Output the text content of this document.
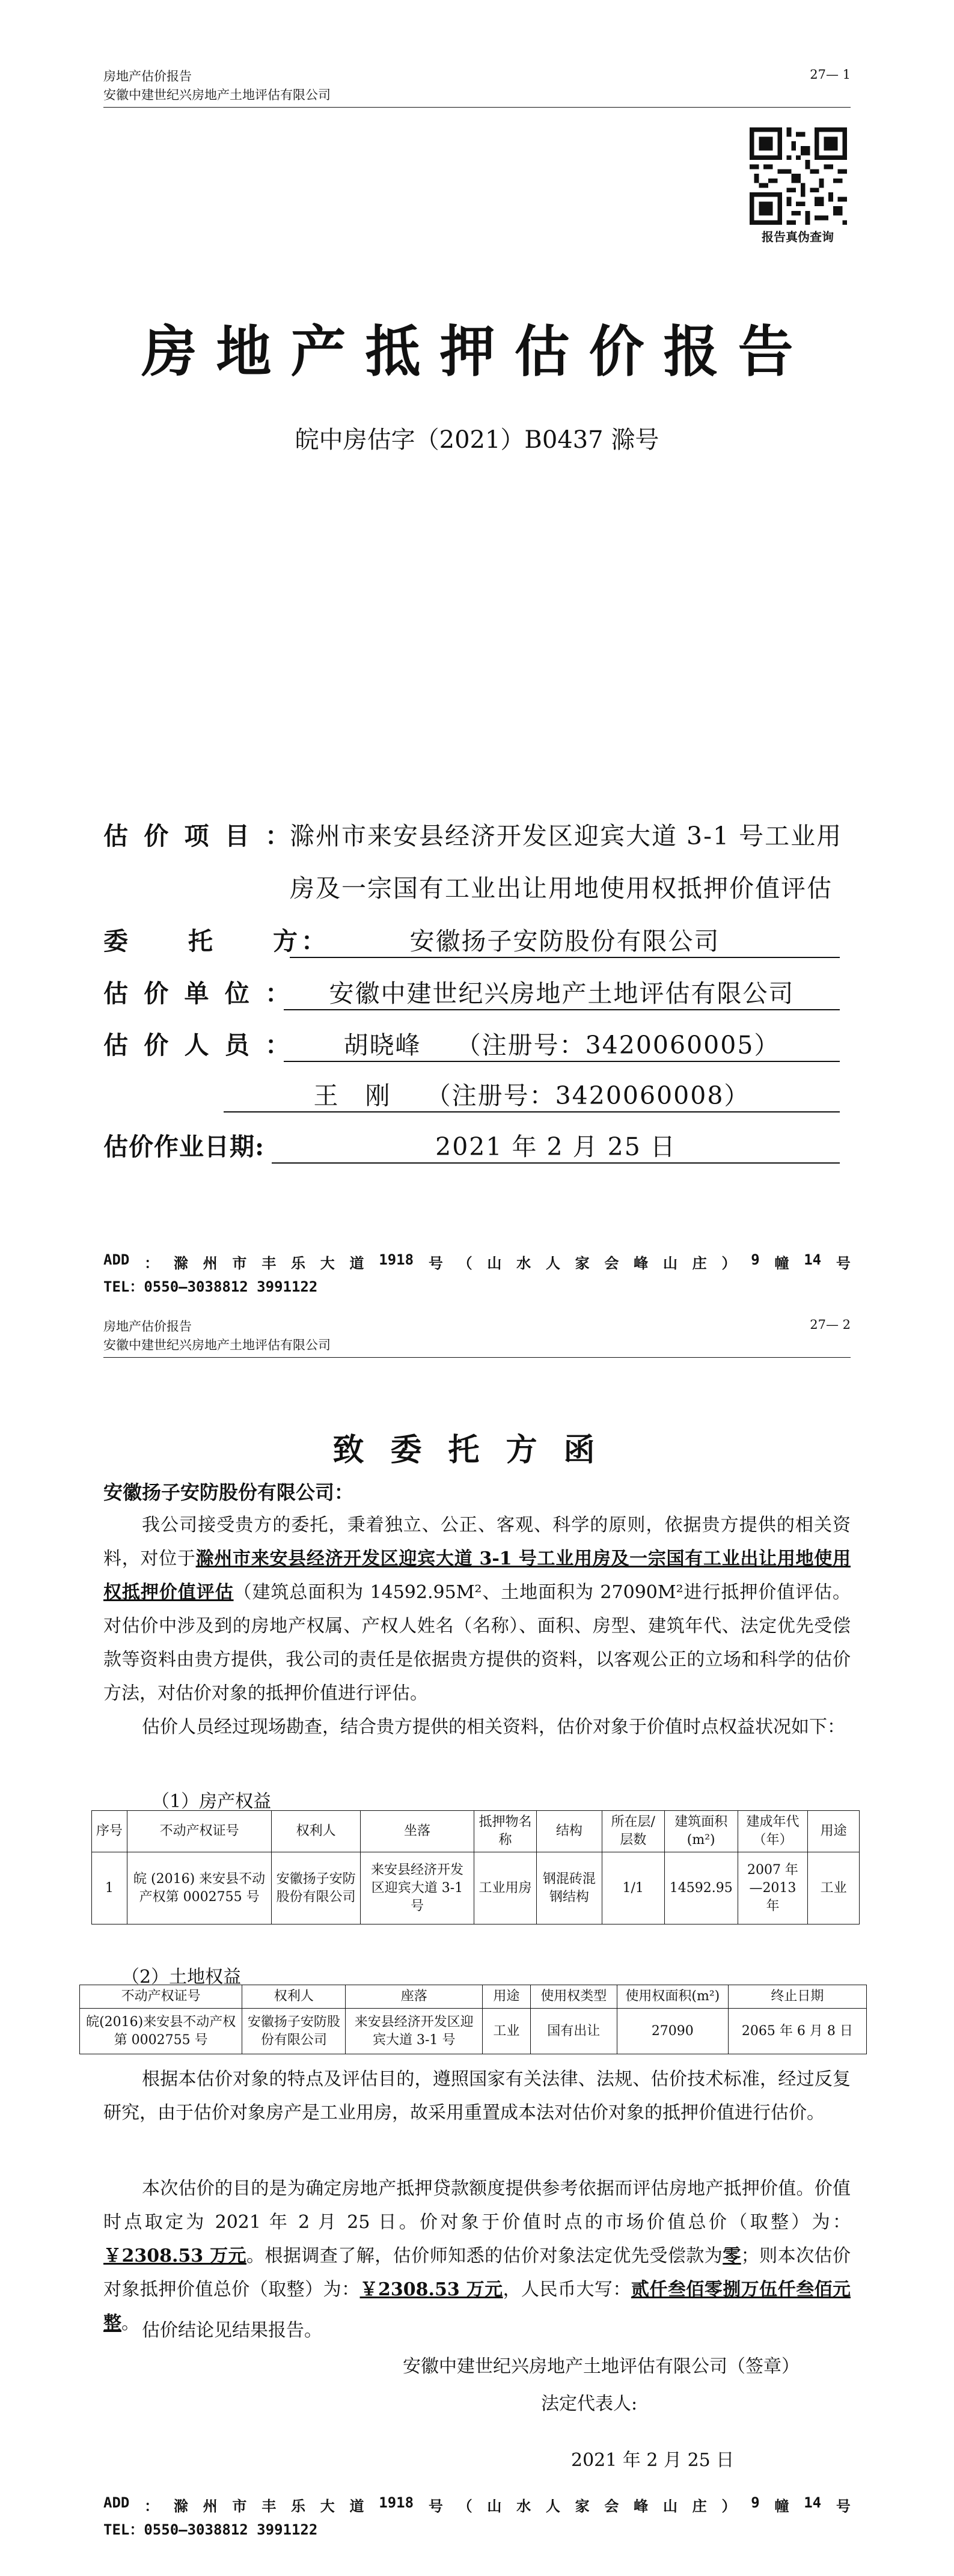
房地产估价报告	27— 1
安徽中建世纪兴房地产土地评估有限公司
报告真伪查询
房地产抵押估价报告
皖中房估字（2021）B0437 滁号
估 价 项 目 ：
滁州市来安县经济开发区迎宾大道 3-1 号工业用
房及一宗国有工业出让用地使用权抵押价值评估
委　　托　　方：	安徽扬子安防股份有限公司
估 价 单 位 ：	安徽中建世纪兴房地产土地评估有限公司
估 价 人 员 ：	胡晓峰　 （注册号：3420060005）
王　刚　 （注册号：3420060008）
估价作业日期:	2021 年 2 月 25 日
ADD ： 滁 州 市 丰 乐 大 道 1918 号 （ 山 水 人 家 会 峰 山 庄 ） 9 幢 14 号
TEL：0550—3038812 3991122
房地产估价报告	27— 2
安徽中建世纪兴房地产土地评估有限公司
致委托方函
安徽扬子安防股份有限公司：
我公司接受贵方的委托，秉着独立、公正、客观、科学的原则，依据贵方提供的相关资料，对位于滁州市来安县经济开发区迎宾大道 3-1 号工业用房及一宗国有工业出让用地使用权抵押价值评估（建筑总面积为 14592.95M²、土地面积为 27090M²进行抵押价值评估。对估价中涉及到的房地产权属、产权人姓名（名称）、面积、房型、建筑年代、法定优先受偿款等资料由贵方提供，我公司的责任是依据贵方提供的资料，以客观公正的立场和科学的估价方法，对估价对象的抵押价值进行评估。
估价人员经过现场勘查，结合贵方提供的相关资料，估价对象于价值时点权益状况如下：
（1）房产权益
序号	不动产权证号	权利人	坐落	抵押物名称	结构	所在层/层数	建筑面积(m²)	建成年代（年）	用途
1	皖 (2016) 来安县不动产权第 0002755 号	安徽扬子安防股份有限公司	来安县经济开发区迎宾大道 3-1 号	工业用房	钢混砖混钢结构	1/1	14592.95	2007 年—2013 年	工业
（2）土地权益
不动产权证号	权利人	座落	用途	使用权类型	使用权面积(m²)	终止日期
皖(2016)来安县不动产权第 0002755 号	安徽扬子安防股份有限公司	来安县经济开发区迎宾大道 3-1 号	工业	国有出让	27090	2065 年 6 月 8 日
根据本估价对象的特点及评估目的，遵照国家有关法律、法规、估价技术标准，经过反复研究，由于估价对象房产是工业用房，故采用重置成本法对估价对象的抵押价值进行估价。
本次估价的目的是为确定房地产抵押贷款额度提供参考依据而评估房地产抵押价值。价值时点取定为 2021 年 2 月 25 日。价对象于价值时点的市场价值总价（取整）为：￥2308.53 万元。根据调查了解，估价师知悉的估价对象法定优先受偿款为零；则本次估价对象抵押价值总价（取整）为：￥2308.53 万元，人民币大写：贰仟叁佰零捌万伍仟叁佰元整。 估价结论见结果报告。
安徽中建世纪兴房地产土地评估有限公司（签章）
法定代表人:
2021 年 2 月 25 日
ADD ： 滁 州 市 丰 乐 大 道 1918 号 （ 山 水 人 家 会 峰 山 庄 ） 9 幢 14 号
TEL：0550—3038812 3991122
